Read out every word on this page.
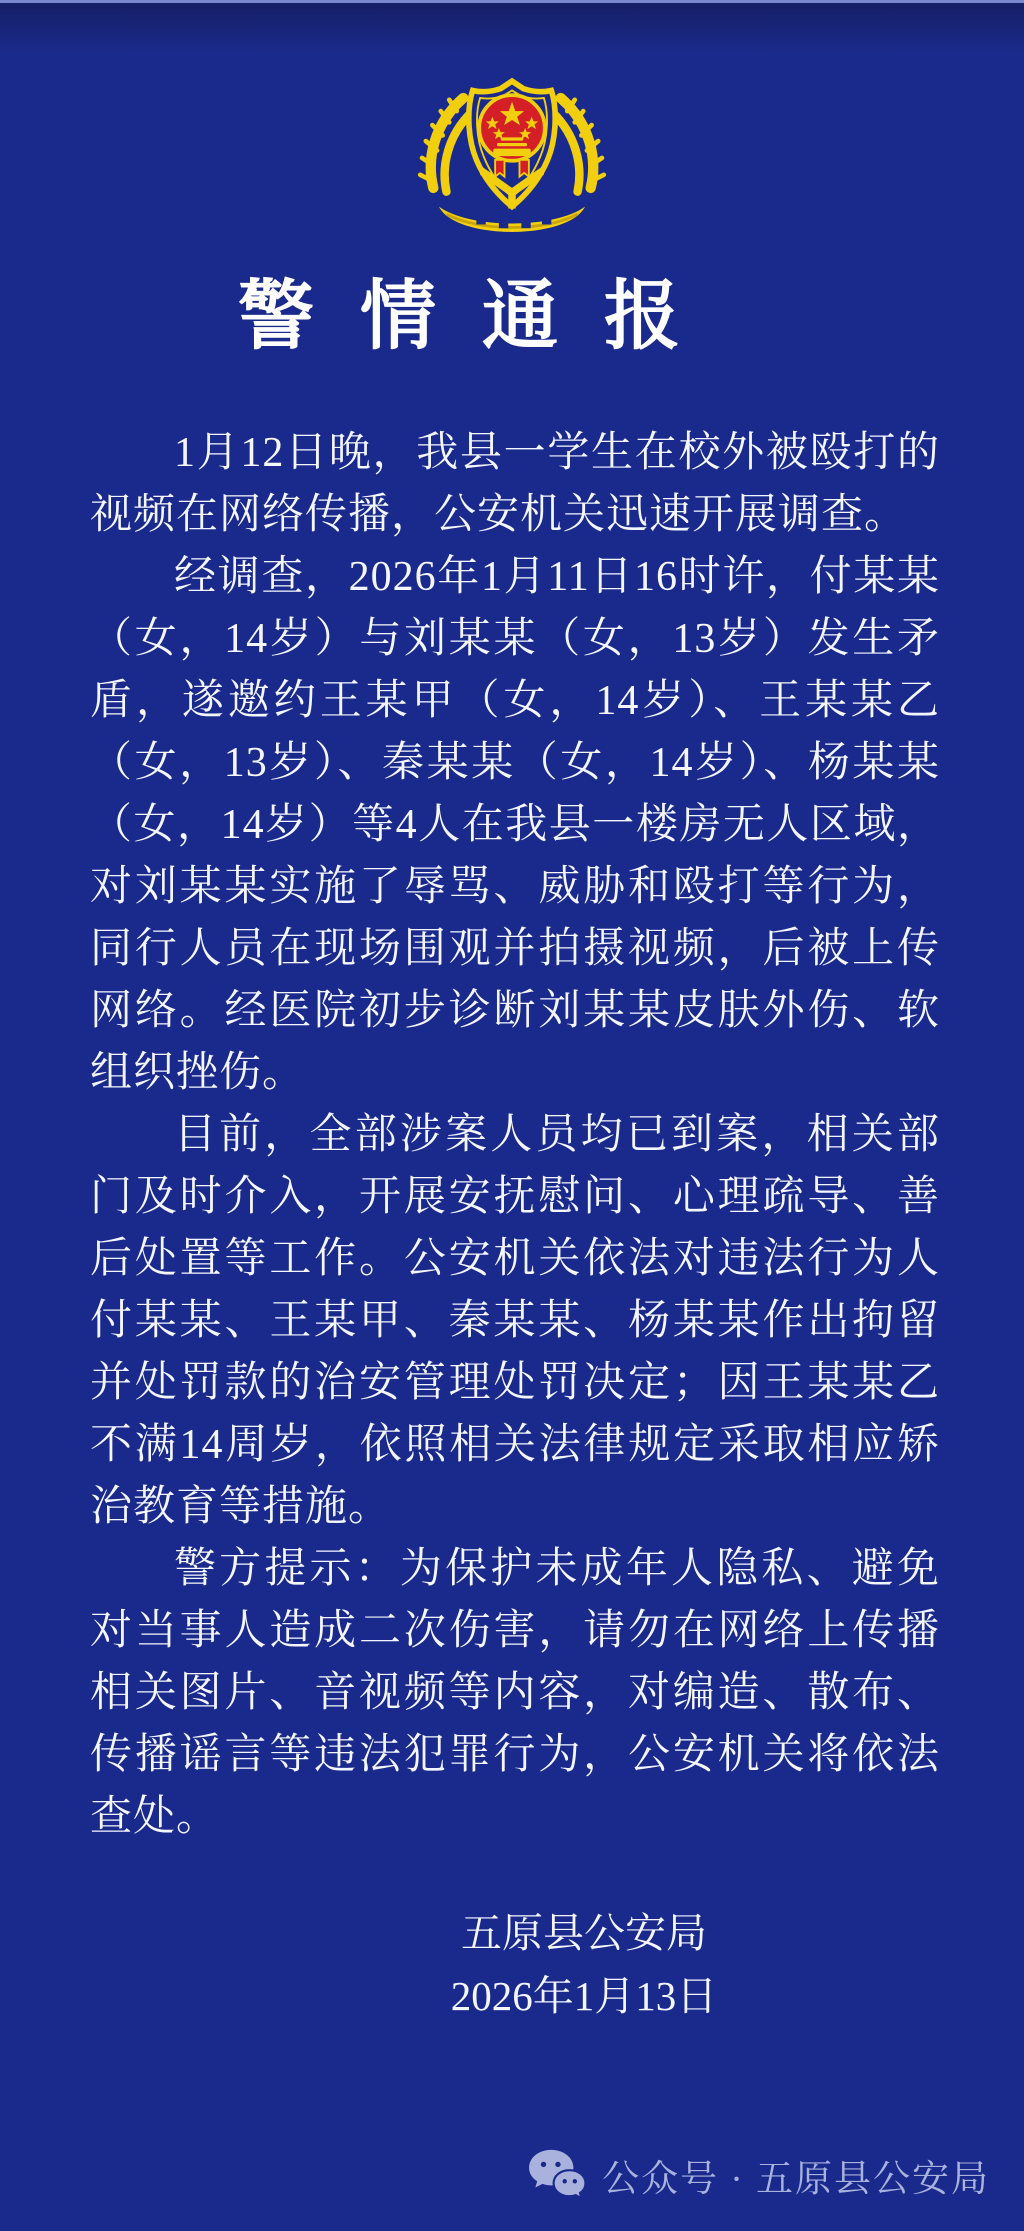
警情通报

1月12日晚，我县一学生在校外被殴打的视频在网络传播，公安机关迅速开展调查。

经调查，2026年1月11日16时许，付某某（女，14岁）与刘某某（女，13岁）发生矛盾，遂邀约王某甲（女，14岁）、王某某乙（女，13岁）、秦某某（女，14岁）、杨某某（女，14岁）等4人在我县一楼房无人区域，对刘某某实施了辱骂、威胁和殴打等行为，同行人员在现场围观并拍摄视频，后被上传网络。经医院初步诊断刘某某皮肤外伤、软组织挫伤。

目前，全部涉案人员均已到案，相关部门及时介入，开展安抚慰问、心理疏导、善后处置等工作。公安机关依法对违法行为人付某某、王某甲、秦某某、杨某某作出拘留并处罚款的治安管理处罚决定；因王某某乙不满14周岁，依照相关法律规定采取相应矫治教育等措施。

警方提示：为保护未成年人隐私、避免对当事人造成二次伤害，请勿在网络上传播相关图片、音视频等内容，对编造、散布、传播谣言等违法犯罪行为，公安机关将依法查处。

五原县公安局
2026年1月13日
公众号 · 五原县公安局
